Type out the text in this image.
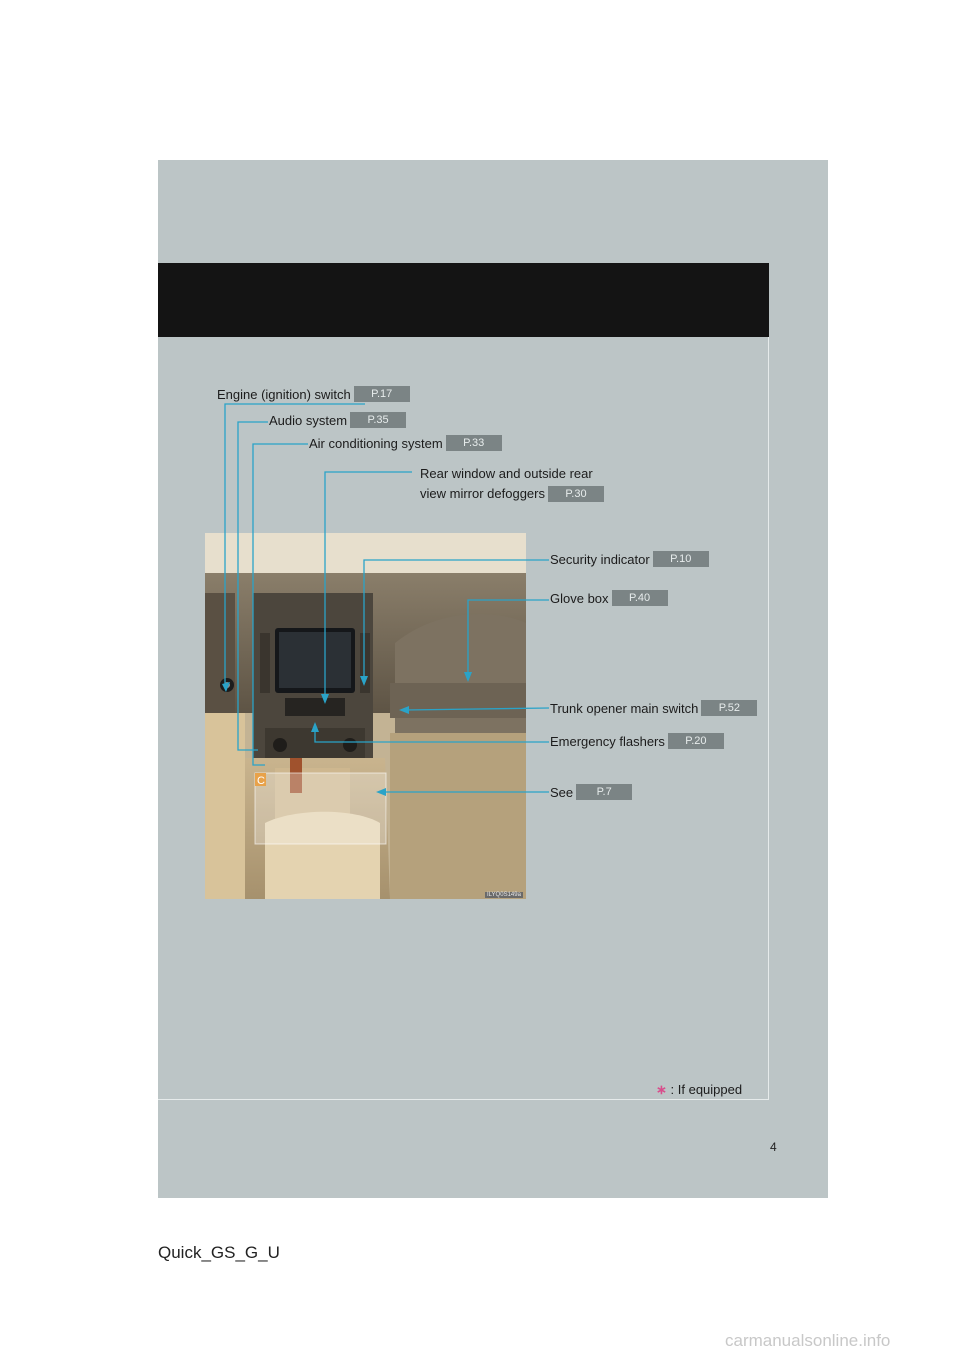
C
ILYQ0S149a
Engine (ignition) switch	P.17
Audio system	P.35
Air conditioning system	P.33
Rear window and outside rear
view mirror defoggers	P.30
Security indicator	P.10
Glove box	P.40
Trunk opener main switch	P.52
Emergency flashers	P.20
See	P.7
∗ : If equipped
4
Quick_GS_G_U
carmanualsonline.info
